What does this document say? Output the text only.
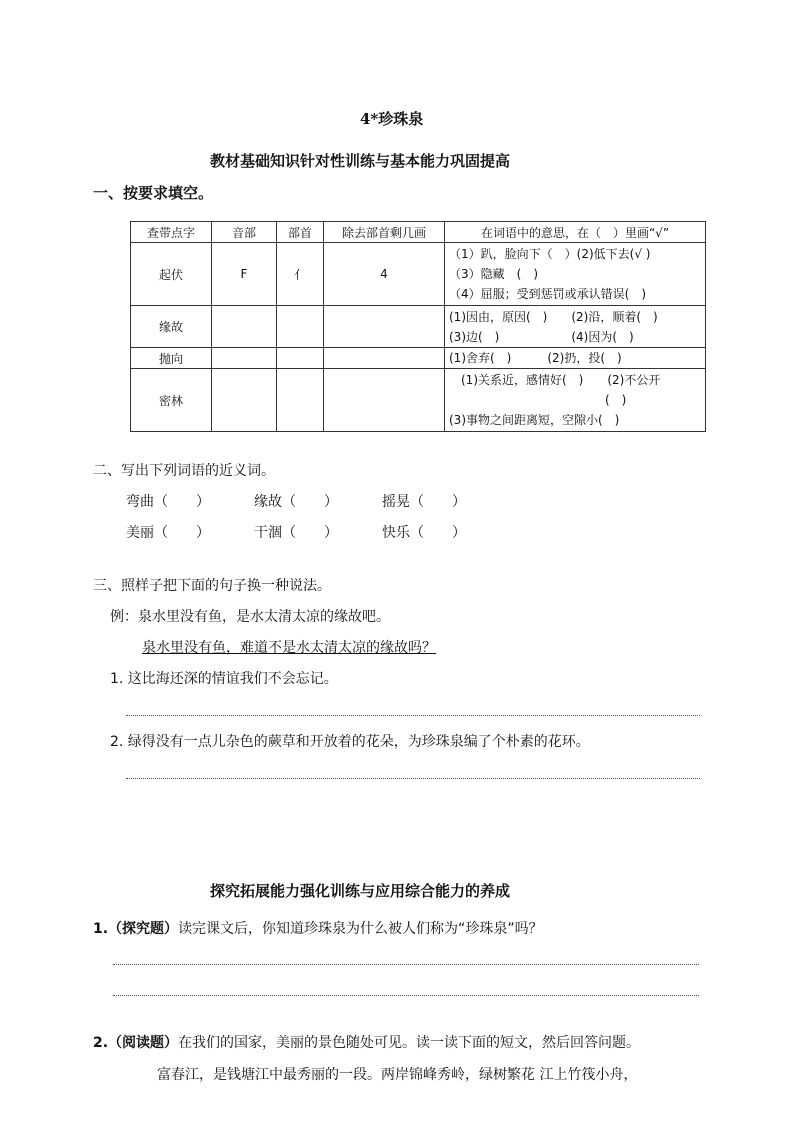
4*珍珠泉
教材基础知识针对性训练与基本能力巩固提高
一、按要求填空。
查带点字	音部	部首	除去部首剩几画	在词语中的意思，在（　）里画“√”
起伏	F	亻	4	（1）趴，脸向下（　）(2)低下去(√ )
（3）隐藏　(　)
（4）屈服；受到惩罚或承认错误(　)

缘故				(1)因由，原因(　)　　(2)沿，顺着(　)
(3)边(　)　　　　　　(4)因为(　)

抛向				(1)舍弃(　)　　　(2)扔，投(　)

密林				　(1)关系近，感情好(　)　　(2)不公开
　　　　　　　　　　　　　(　)
(3)事物之间距离短，空隙小(　)
二、写出下列词语的近义词。
弯曲（　　）	缘故（　　）	摇晃（　　）
美丽（　　）	干涸（　　）	快乐（　　）
三、照样子把下面的句子换一种说法。
例：泉水里没有鱼，是水太清太凉的缘故吧。
泉水里没有鱼，难道不是水太清太凉的缘故吗？
1. 这比海还深的情谊我们不会忘记。
2. 绿得没有一点儿杂色的蕨草和开放着的花朵，为珍珠泉编了个朴素的花环。
探究拓展能力强化训练与应用综合能力的养成
1.（探究题）读完课文后，你知道珍珠泉为什么被人们称为“珍珠泉”吗？
2.（阅读题）在我们的国家，美丽的景色随处可见。读一读下面的短文，然后回答问题。
富春江，是钱塘江中最秀丽的一段。两岸锦峰秀岭，绿树繁花 江上竹筏小舟，
